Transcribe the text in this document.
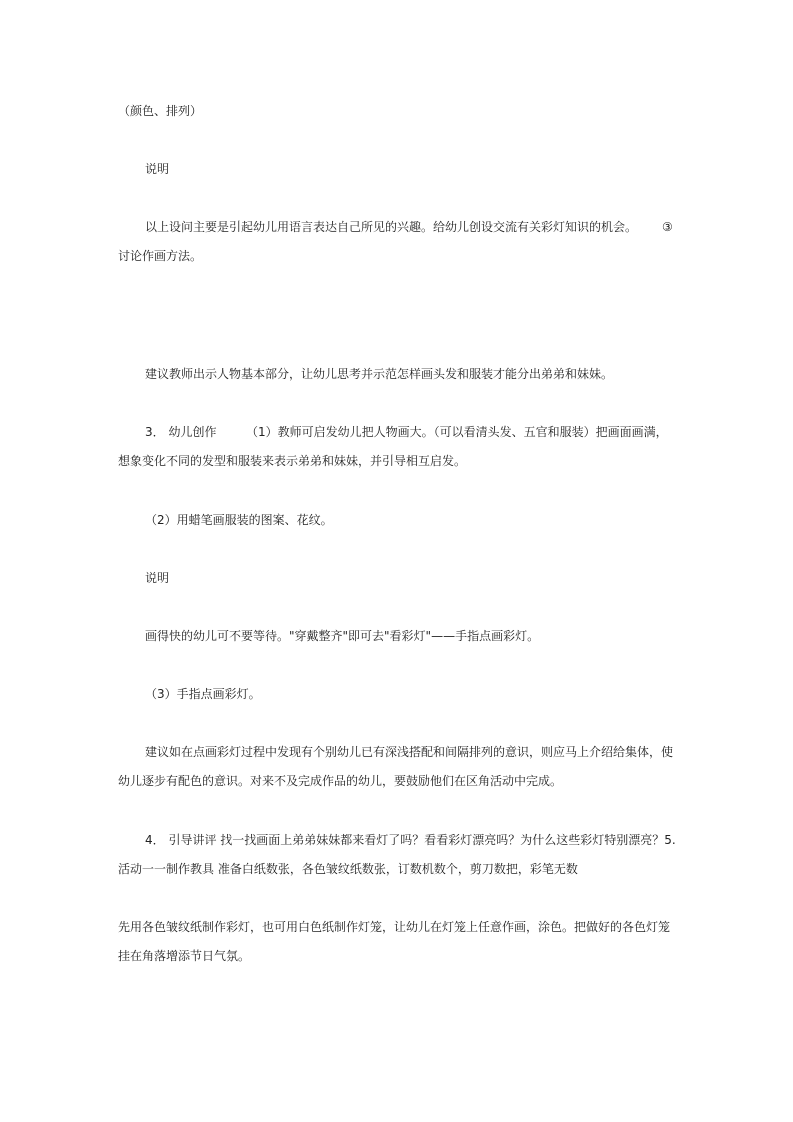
（颜色、排列）
说明
以上设问主要是引起幼儿用语言表达自己所见的兴趣。给幼儿创设交流有关彩灯知识的机会。 ③
讨论作画方法。
建议教师出示人物基本部分，让幼儿思考并示范怎样画头发和服装才能分出弟弟和妹妹。
3． 幼儿创作 （1）教师可启发幼儿把人物画大。（可以看清头发、五官和服装）把画面画满，
想象变化不同的发型和服装来表示弟弟和妹妹，并引导相互启发。
（2）用蜡笔画服装的图案、花纹。
说明
画得快的幼儿可不要等待。"穿戴整齐"即可去"看彩灯"——手指点画彩灯。
（3）手指点画彩灯。
建议如在点画彩灯过程中发现有个别幼儿已有深浅搭配和间隔排列的意识，则应马上介绍给集体，使
幼儿逐步有配色的意识。对来不及完成作品的幼儿，要鼓励他们在区角活动中完成。
4． 引导讲评 找一找画面上弟弟妹妹都来看灯了吗？看看彩灯漂亮吗？为什么这些彩灯特别漂亮？5.
活动一一制作教具 准备白纸数张，各色皱纹纸数张，订数机数个，剪刀数把，彩笔无数
先用各色皱纹纸制作彩灯，也可用白色纸制作灯笼，让幼儿在灯笼上任意作画，涂色。把做好的各色灯笼
挂在角落增添节日气氛。
